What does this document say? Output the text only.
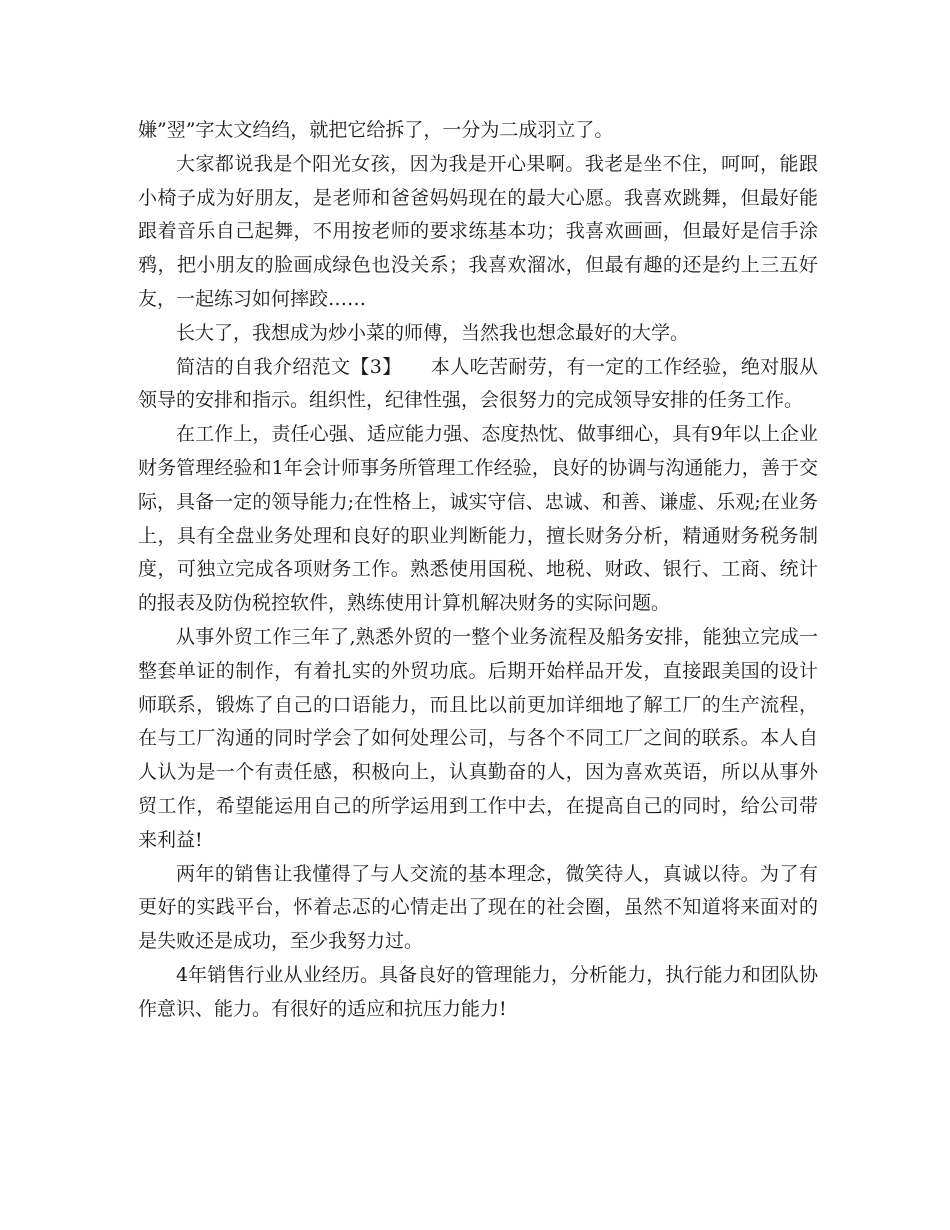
嫌”翌”字太文绉绉，就把它给拆了，一分为二成羽立了。

大家都说我是个阳光女孩，因为我是开心果啊。我老是坐不住，呵呵，能跟小椅子成为好朋友，是老师和爸爸妈妈现在的最大心愿。我喜欢跳舞，但最好能跟着音乐自己起舞，不用按老师的要求练基本功；我喜欢画画，但最好是信手涂鸦，把小朋友的脸画成绿色也没关系；我喜欢溜冰，但最有趣的还是约上三五好友，一起练习如何摔跤……

长大了，我想成为炒小菜的师傅，当然我也想念最好的大学。

简洁的自我介绍范文【3】　　本人吃苦耐劳，有一定的工作经验，绝对服从领导的安排和指示。组织性，纪律性强，会很努力的完成领导安排的任务工作。

在工作上，责任心强、适应能力强、态度热忱、做事细心，具有9年以上企业财务管理经验和1年会计师事务所管理工作经验，良好的协调与沟通能力，善于交际，具备一定的领导能力;在性格上，诚实守信、忠诚、和善、谦虚、乐观;在业务上，具有全盘业务处理和良好的职业判断能力，擅长财务分析，精通财务税务制度，可独立完成各项财务工作。熟悉使用国税、地税、财政、银行、工商、统计的报表及防伪税控软件，熟练使用计算机解决财务的实际问题。

从事外贸工作三年了,熟悉外贸的一整个业务流程及船务安排，能独立完成一整套单证的制作，有着扎实的外贸功底。后期开始样品开发，直接跟美国的设计师联系，锻炼了自己的口语能力，而且比以前更加详细地了解工厂的生产流程，在与工厂沟通的同时学会了如何处理公司，与各个不同工厂之间的联系。本人自人认为是一个有责任感，积极向上，认真勤奋的人，因为喜欢英语，所以从事外贸工作，希望能运用自己的所学运用到工作中去，在提高自己的同时，给公司带来利益!

两年的销售让我懂得了与人交流的基本理念，微笑待人，真诚以待。为了有更好的实践平台，怀着忐忑的心情走出了现在的社会圈，虽然不知道将来面对的是失败还是成功，至少我努力过。

4年销售行业从业经历。具备良好的管理能力，分析能力，执行能力和团队协作意识、能力。有很好的适应和抗压力能力!
